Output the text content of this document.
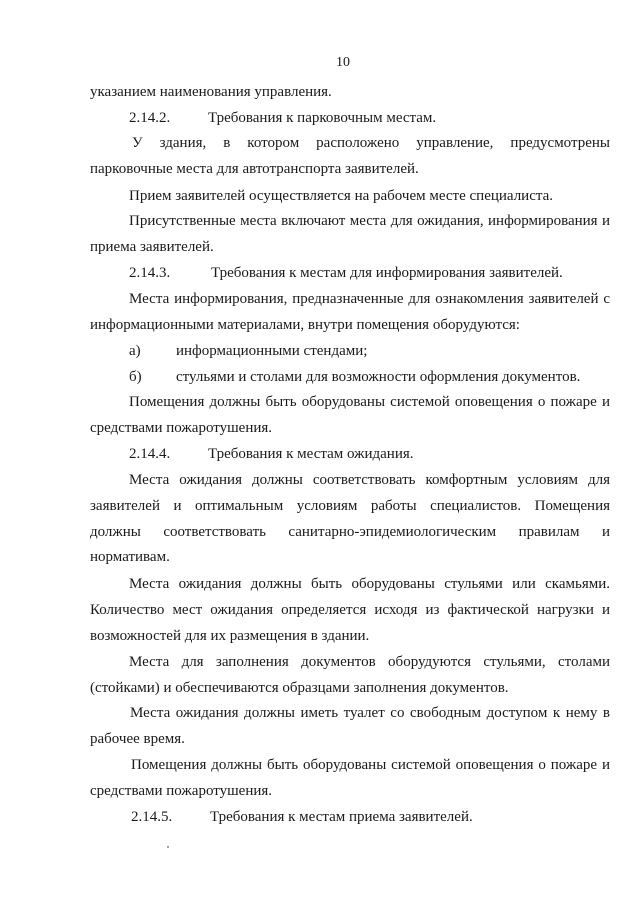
10
указанием наименования управления.
2.14.2.	Требования к парковочным местам.
У здания, в котором расположено управление, предусмотрены
парковочные места для автотранспорта заявителей.
Прием заявителей осуществляется на рабочем месте специалиста.
Присутственные места включают места для ожидания, информирования и
приема заявителей.
2.14.3.	Требования к местам для информирования заявителей.
Места информирования, предназначенные для ознакомления заявителей с
информационными материалами, внутри помещения оборудуются:
а) информационными стендами;
б) стульями и столами для возможности оформления документов.
Помещения должны быть оборудованы системой оповещения о пожаре и
средствами пожаротушения.
2.14.4.	Требования к местам ожидания.
Места ожидания должны соответствовать комфортным условиям для
заявителей и оптимальным условиям работы специалистов. Помещения
должны соответствовать санитарно-эпидемиологическим правилам и
нормативам.
Места ожидания должны быть оборудованы стульями или скамьями.
Количество мест ожидания определяется исходя из фактической нагрузки и
возможностей для их размещения в здании.
Места для заполнения документов оборудуются стульями, столами
(стойками) и обеспечиваются образцами заполнения документов.
Места ожидания должны иметь туалет со свободным доступом к нему в
рабочее время.
Помещения должны быть оборудованы системой оповещения о пожаре и
средствами пожаротушения.
2.14.5.	Требования к местам приема заявителей.
